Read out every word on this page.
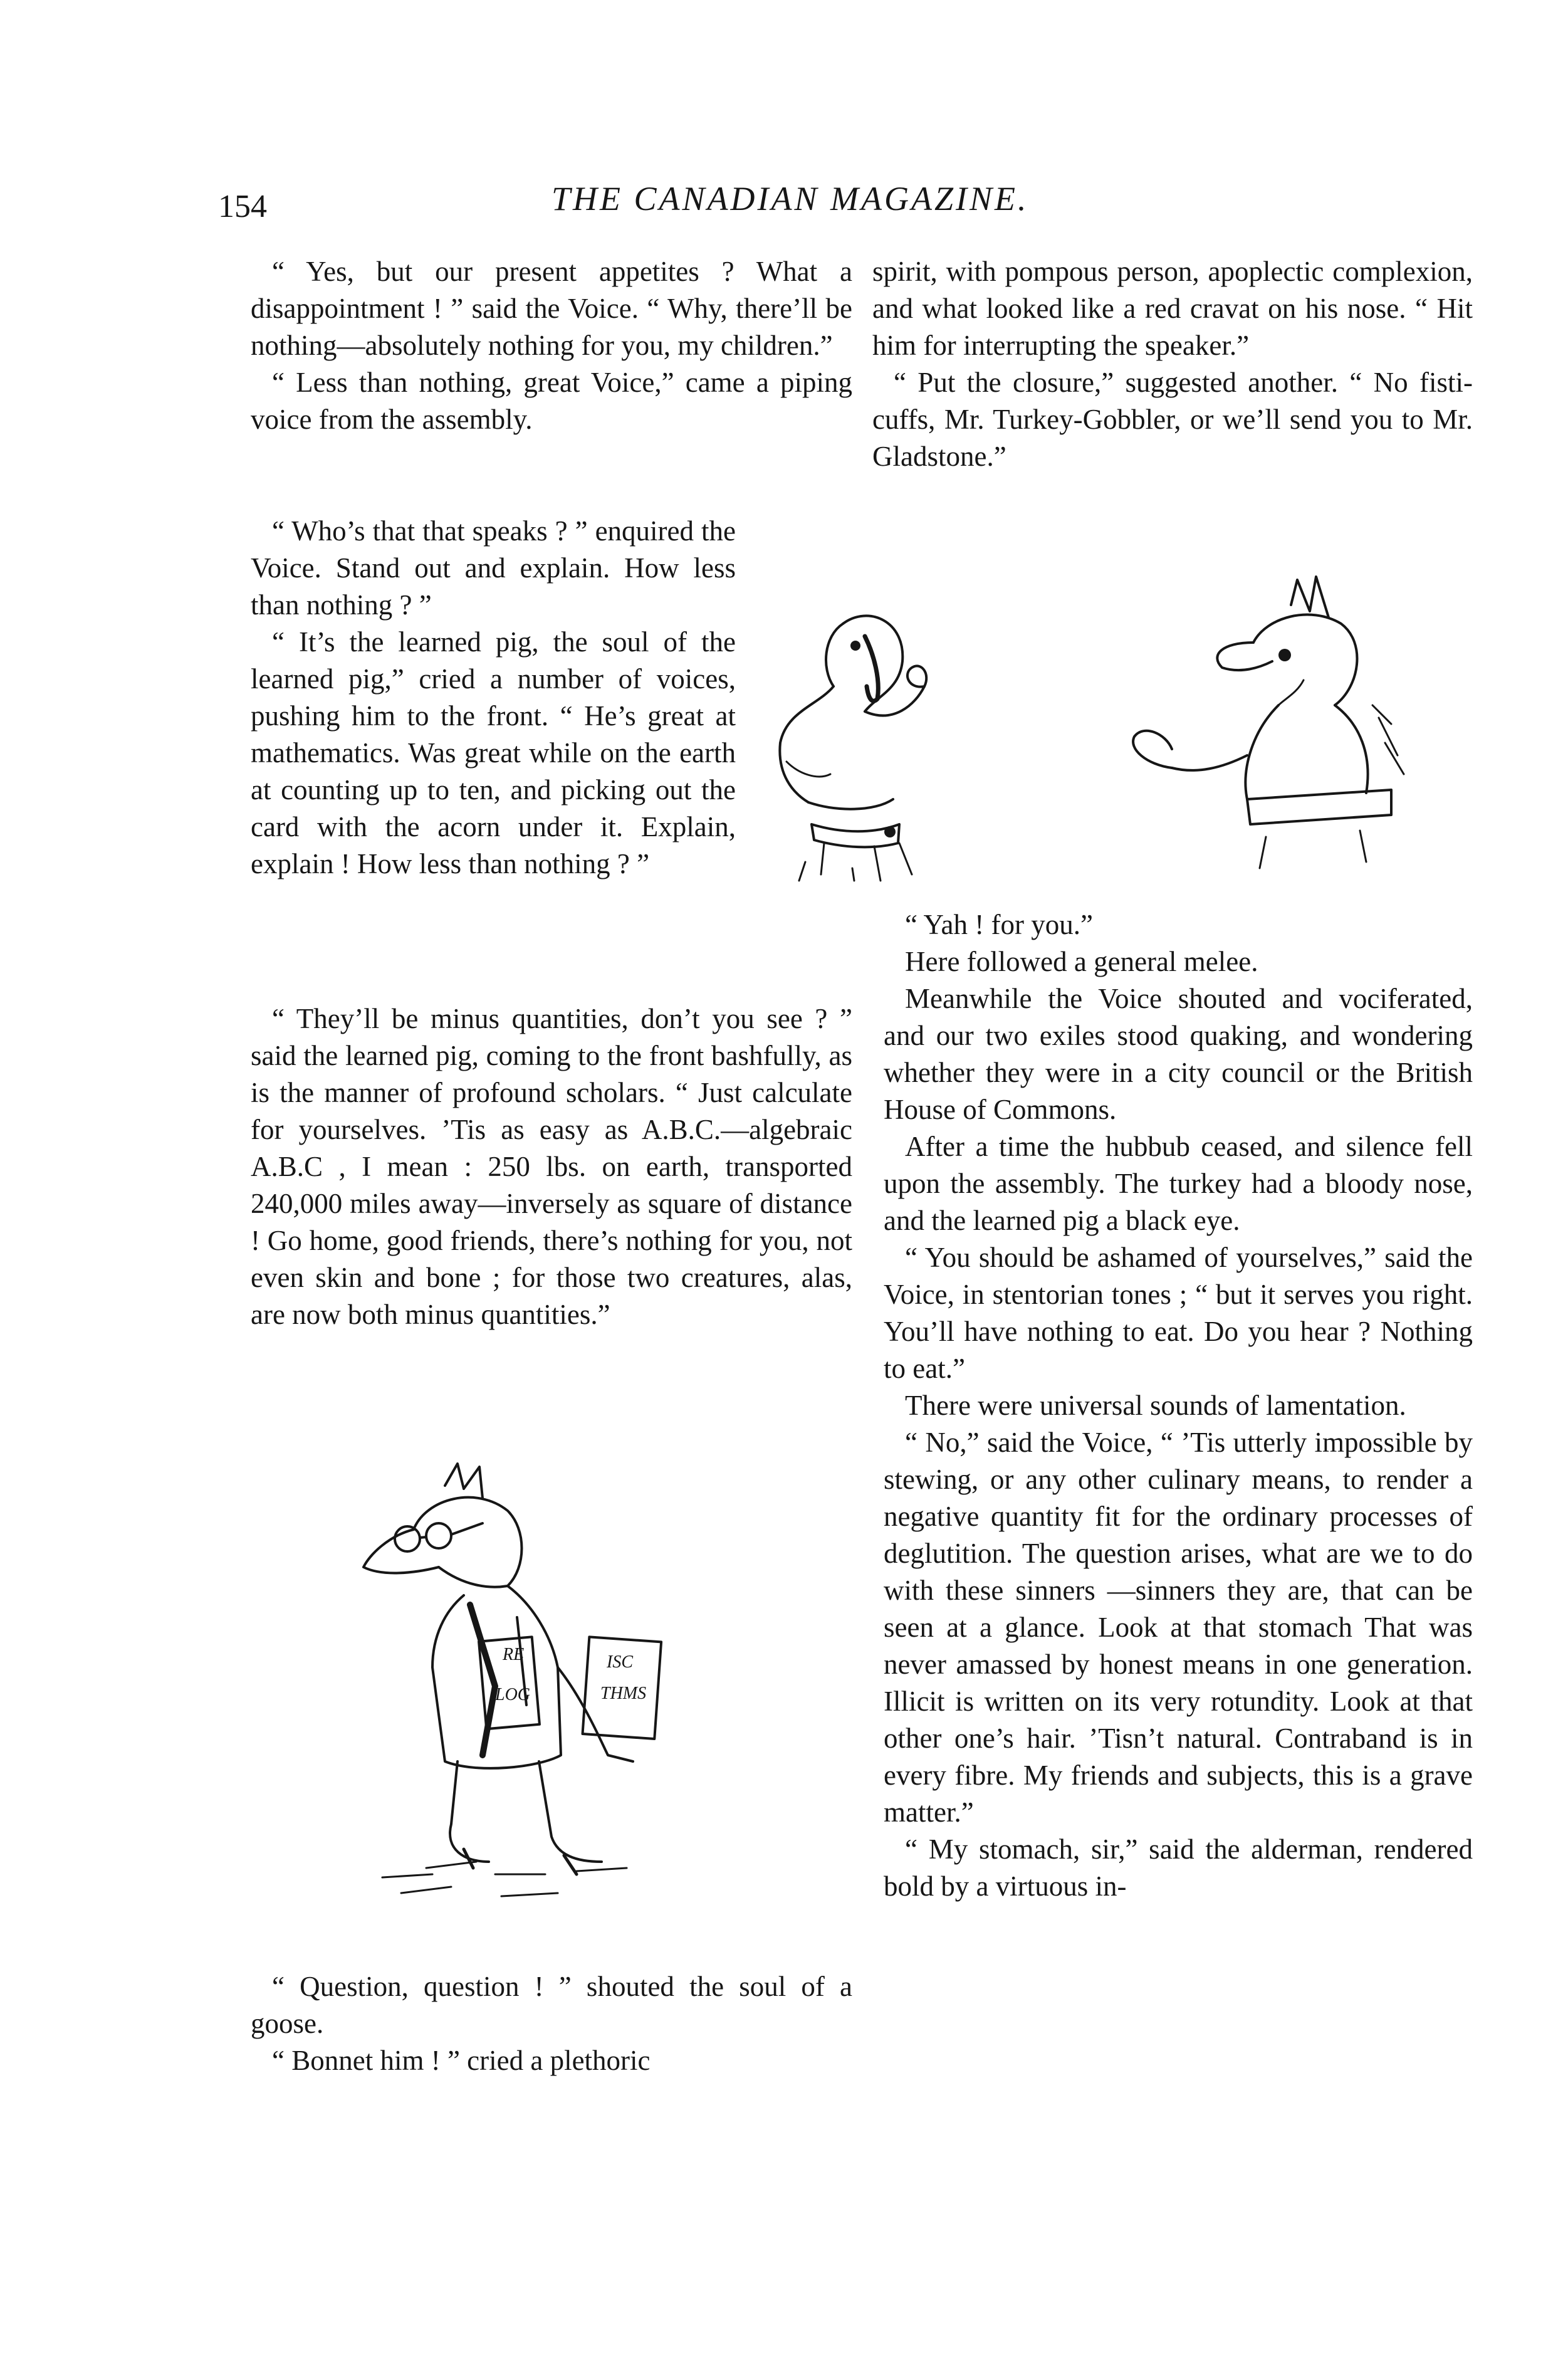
154	THE CANADIAN MAGAZINE.

“ Yes, but our present appetites ? What a disappointment ! ” said the Voice. “ Why, there’ll be nothing—absolutely nothing for you, my children.”

“ Less than nothing, great Voice,” came a piping voice from the assembly.

“ Who’s that that speaks ? ” enquired the Voice. Stand out and explain. How less than nothing ? ”

“ It’s the learned pig, the soul of the learned pig,” cried a number of voices, pushing him to the front. “ He’s great at mathematics. Was great while on the earth at counting up to ten, and picking out the card with the acorn under it. Explain, explain ! How less than nothing ? ”

“ They’ll be minus quantities, don’t you see ? ” said the learned pig, coming to the front bashfully, as is the manner of profound scholars. “ Just calculate for yourselves. ’Tis as easy as A.B.C.—algebraic A.B.C , I mean : 250 lbs. on earth, transported 240,000 miles away—inversely as square of distance ! Go home, good friends, there’s nothing for you, not even skin and bone ; for those two creatures, alas, are now both minus quantities.”

spirit, with pompous person, apoplectic complexion, and what looked like a red cravat on his nose. “ Hit him for interrupting the speaker.”

“ Put the closure,” suggested another. “ No fisti-cuffs, Mr. Turkey-Gobbler, or we’ll send you to Mr. Gladstone.”

“ Yah ! for you.”

Here followed a general melee.

Meanwhile the Voice shouted and vociferated, and our two exiles stood quaking, and wondering whether they were in a city council or the British House of Commons.

After a time the hubbub ceased, and silence fell upon the assembly. The turkey had a bloody nose, and the learned pig a black eye.

“ You should be ashamed of yourselves,” said the Voice, in stentorian tones ; “ but it serves you right. You’ll have nothing to eat. Do you hear ? Nothing to eat.”

There were universal sounds of lamentation.

“ No,” said the Voice, “ ’Tis utterly impossible by stewing, or any other culinary means, to render a negative quantity fit for the ordinary processes of deglutition. The question arises, what are we to do with these sinners —sinners they are, that can be seen at a glance. Look at that stomach That was never amassed by honest means in one generation. Illicit is written on its very rotundity. Look at that other one’s hair. ’Tisn’t natural. Contraband is in every fibre. My friends and subjects, this is a grave matter.”

“ My stomach, sir,” said the alderman, rendered bold by a virtuous in-

RE
LOG
ISC
THMS

“ Question, question ! ” shouted the soul of a goose.

“ Bonnet him ! ” cried a plethoric
